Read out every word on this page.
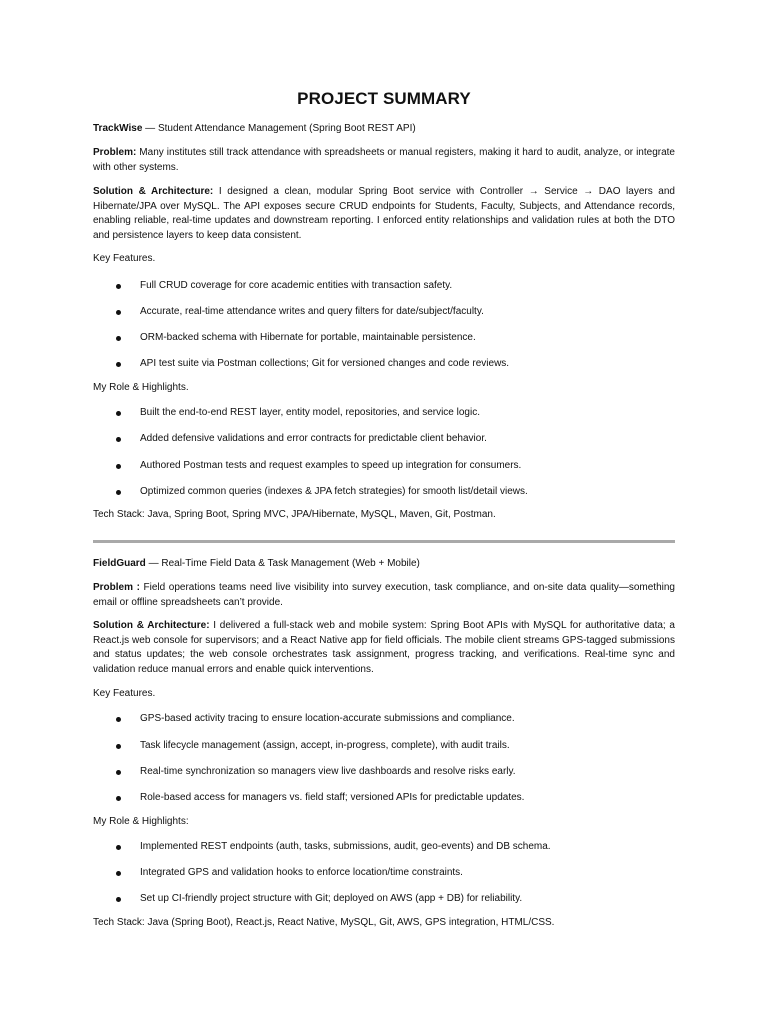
PROJECT SUMMARY
TrackWise — Student Attendance Management (Spring Boot REST API)
Problem: Many institutes still track attendance with spreadsheets or manual registers, making it hard to audit, analyze, or integrate with other systems.
Solution & Architecture: I designed a clean, modular Spring Boot service with Controller → Service → DAO layers and Hibernate/JPA over MySQL. The API exposes secure CRUD endpoints for Students, Faculty, Subjects, and Attendance records, enabling reliable, real-time updates and downstream reporting. I enforced entity relationships and validation rules at both the DTO and persistence layers to keep data consistent.
Key Features.
Full CRUD coverage for core academic entities with transaction safety.
Accurate, real-time attendance writes and query filters for date/subject/faculty.
ORM-backed schema with Hibernate for portable, maintainable persistence.
API test suite via Postman collections; Git for versioned changes and code reviews.
My Role & Highlights.
Built the end-to-end REST layer, entity model, repositories, and service logic.
Added defensive validations and error contracts for predictable client behavior.
Authored Postman tests and request examples to speed up integration for consumers.
Optimized common queries (indexes & JPA fetch strategies) for smooth list/detail views.
Tech Stack: Java, Spring Boot, Spring MVC, JPA/Hibernate, MySQL, Maven, Git, Postman.
FieldGuard — Real-Time Field Data & Task Management (Web + Mobile)
Problem : Field operations teams need live visibility into survey execution, task compliance, and on-site data quality—something email or offline spreadsheets can’t provide.
Solution & Architecture: I delivered a full-stack web and mobile system: Spring Boot APIs with MySQL for authoritative data; a React.js web console for supervisors; and a React Native app for field officials. The mobile client streams GPS-tagged submissions and status updates; the web console orchestrates task assignment, progress tracking, and verifications. Real-time sync and validation reduce manual errors and enable quick interventions.
Key Features.
GPS-based activity tracing to ensure location-accurate submissions and compliance.
Task lifecycle management (assign, accept, in-progress, complete), with audit trails.
Real-time synchronization so managers view live dashboards and resolve risks early.
Role-based access for managers vs. field staff; versioned APIs for predictable updates.
My Role & Highlights:
Implemented REST endpoints (auth, tasks, submissions, audit, geo-events) and DB schema.
Integrated GPS and validation hooks to enforce location/time constraints.
Set up CI-friendly project structure with Git; deployed on AWS (app + DB) for reliability.
Tech Stack: Java (Spring Boot), React.js, React Native, MySQL, Git, AWS, GPS integration, HTML/CSS.
